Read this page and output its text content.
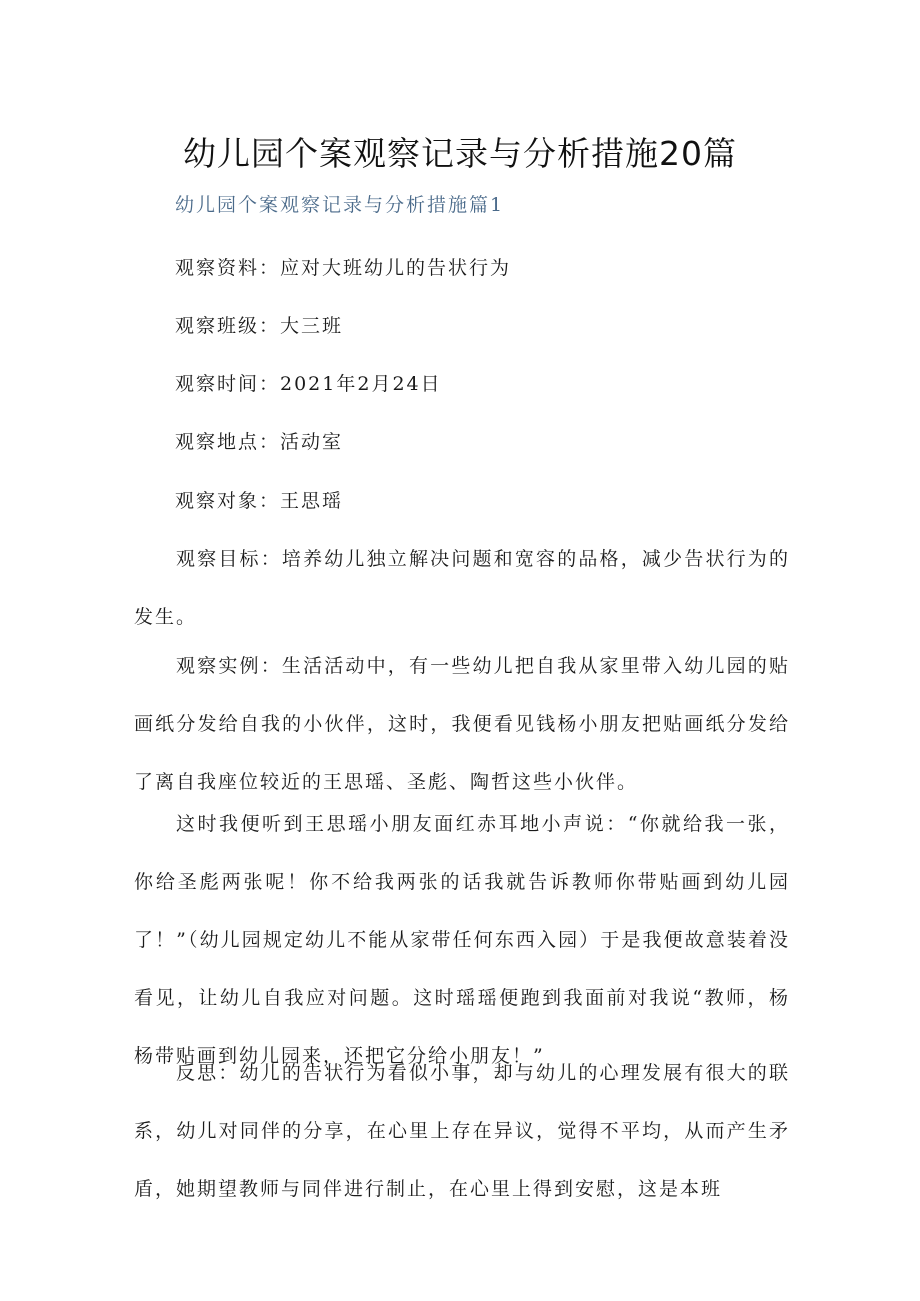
幼儿园个案观察记录与分析措施20篇
幼儿园个案观察记录与分析措施篇1

观察资料：应对大班幼儿的告状行为

观察班级：大三班

观察时间：2021年2月24日

观察地点：活动室

观察对象：王思瑶

观察目标：培养幼儿独立解决问题和宽容的品格，减少告状行为的发生。

观察实例：生活活动中，有一些幼儿把自我从家里带入幼儿园的贴画纸分发给自我的小伙伴，这时，我便看见钱杨小朋友把贴画纸分发给了离自我座位较近的王思瑶、圣彪、陶哲这些小伙伴。

这时我便听到王思瑶小朋友面红赤耳地小声说：“你就给我一张，你给圣彪两张呢！你不给我两张的话我就告诉教师你带贴画到幼儿园了！”（幼儿园规定幼儿不能从家带任何东西入园）于是我便故意装着没看见，让幼儿自我应对问题。这时瑶瑶便跑到我面前对我说“教师，杨杨带贴画到幼儿园来，还把它分给小朋友！”

反思：幼儿的告状行为看似小事，却与幼儿的心理发展有很大的联系，幼儿对同伴的分享，在心里上存在异议，觉得不平均，从而产生矛盾，她期望教师与同伴进行制止，在心里上得到安慰，这是本班
